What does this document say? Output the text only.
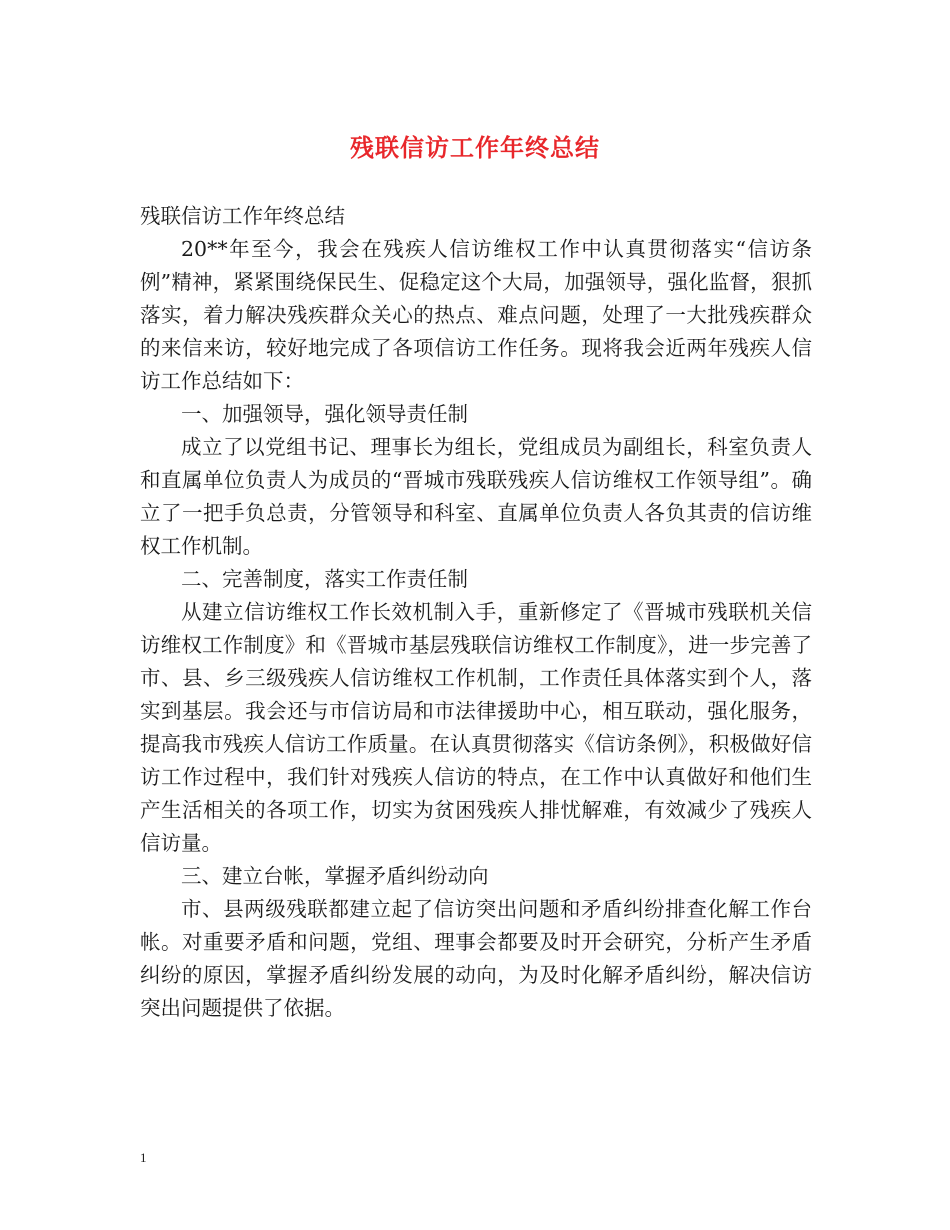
残联信访工作年终总结

残联信访工作年终总结

20**年至今，我会在残疾人信访维权工作中认真贯彻落实“信访条例”精神，紧紧围绕保民生、促稳定这个大局，加强领导，强化监督，狠抓落实，着力解决残疾群众关心的热点、难点问题，处理了一大批残疾群众的来信来访，较好地完成了各项信访工作任务。现将我会近两年残疾人信访工作总结如下：

一、加强领导，强化领导责任制

成立了以党组书记、理事长为组长，党组成员为副组长，科室负责人和直属单位负责人为成员的“晋城市残联残疾人信访维权工作领导组”。确立了一把手负总责，分管领导和科室、直属单位负责人各负其责的信访维权工作机制。

二、完善制度，落实工作责任制

从建立信访维权工作长效机制入手，重新修定了《晋城市残联机关信访维权工作制度》和《晋城市基层残联信访维权工作制度》，进一步完善了市、县、乡三级残疾人信访维权工作机制，工作责任具体落实到个人，落实到基层。我会还与市信访局和市法律援助中心，相互联动，强化服务，提高我市残疾人信访工作质量。在认真贯彻落实《信访条例》，积极做好信访工作过程中，我们针对残疾人信访的特点，在工作中认真做好和他们生产生活相关的各项工作，切实为贫困残疾人排忧解难，有效减少了残疾人信访量。

三、建立台帐，掌握矛盾纠纷动向

市、县两级残联都建立起了信访突出问题和矛盾纠纷排查化解工作台帐。对重要矛盾和问题，党组、理事会都要及时开会研究，分析产生矛盾纠纷的原因，掌握矛盾纠纷发展的动向，为及时化解矛盾纠纷，解决信访突出问题提供了依据。

1
